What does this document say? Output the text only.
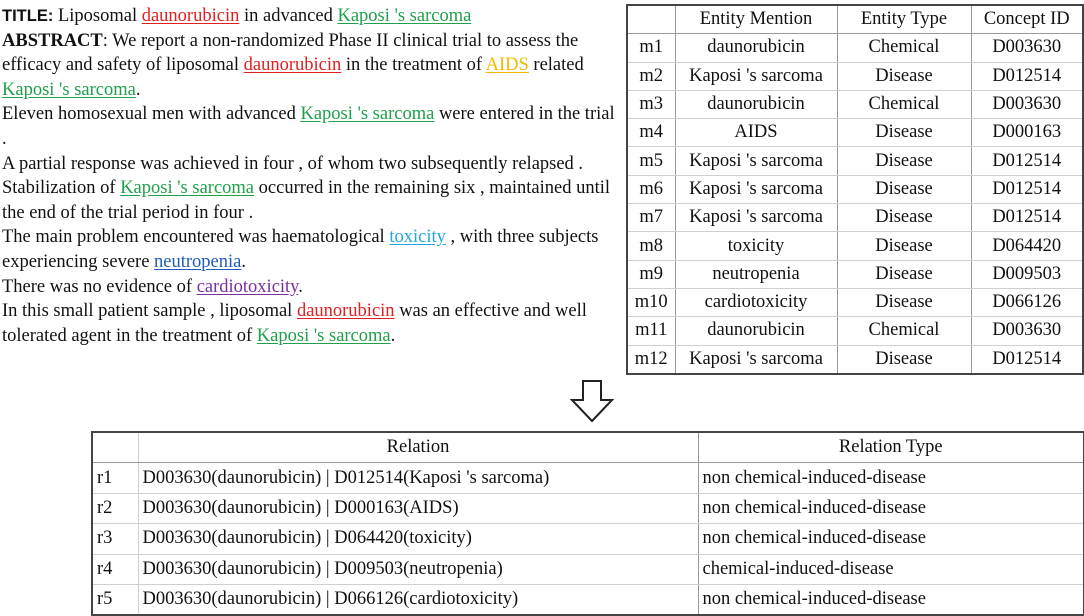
TITLE: Liposomal daunorubicin in advanced Kaposi 's sarcoma

ABSTRACT: We report a non-randomized Phase II clinical trial to assess the efficacy and safety of liposomal daunorubicin in the treatment of AIDS related Kaposi 's sarcoma.

Eleven homosexual men with advanced Kaposi 's sarcoma were entered in the trial .

A partial response was achieved in four , of whom two subsequently relapsed .

Stabilization of Kaposi 's sarcoma occurred in the remaining six , maintained until the end of the trial period in four .

The main problem encountered was haematological toxicity , with three subjects experiencing severe neutropenia.

There was no evidence of cardiotoxicity.

In this small patient sample , liposomal daunorubicin was an effective and well tolerated agent in the treatment of Kaposi 's sarcoma.

	Entity Mention	Entity Type	Concept ID
m1	daunorubicin	Chemical	D003630
m2	Kaposi 's sarcoma	Disease	D012514
m3	daunorubicin	Chemical	D003630
m4	AIDS	Disease	D000163
m5	Kaposi 's sarcoma	Disease	D012514
m6	Kaposi 's sarcoma	Disease	D012514
m7	Kaposi 's sarcoma	Disease	D012514
m8	toxicity	Disease	D064420
m9	neutropenia	Disease	D009503
m10	cardiotoxicity	Disease	D066126
m11	daunorubicin	Chemical	D003630
m12	Kaposi 's sarcoma	Disease	D012514
	Relation	Relation Type
r1	D003630(daunorubicin) | D012514(Kaposi 's sarcoma)	non chemical-induced-disease
r2	D003630(daunorubicin) | D000163(AIDS)	non chemical-induced-disease
r3	D003630(daunorubicin) | D064420(toxicity)	non chemical-induced-disease
r4	D003630(daunorubicin) | D009503(neutropenia)	chemical-induced-disease
r5	D003630(daunorubicin) | D066126(cardiotoxicity)	non chemical-induced-disease
